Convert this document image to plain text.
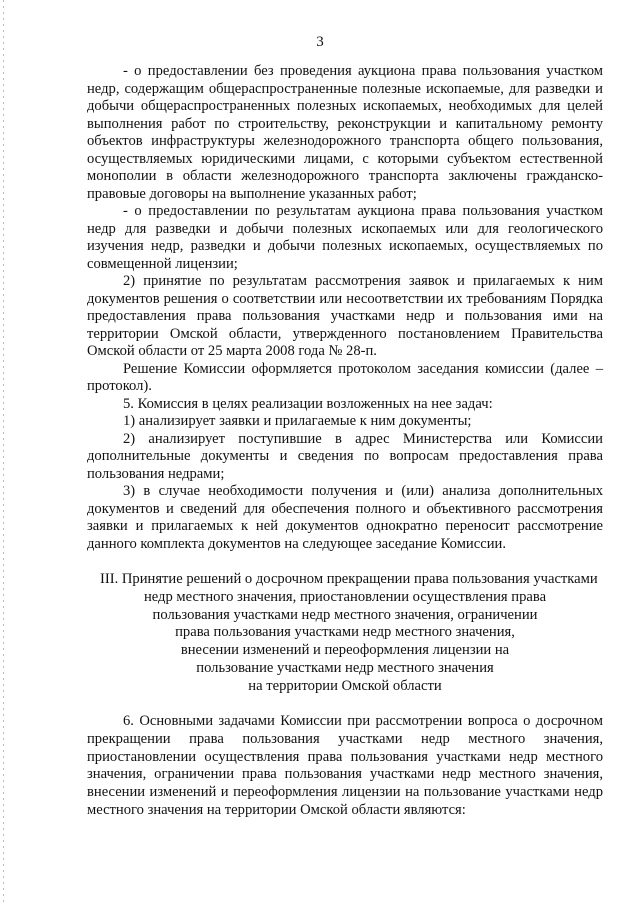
3

- о предоставлении без проведения аукциона права пользования участком недр, содержащим общераспространенные полезные ископаемые, для разведки и добычи общераспространенных полезных ископаемых, необходимых для целей выполнения работ по строительству, реконструкции и капитальному ремонту объектов инфраструктуры железнодорожного транспорта общего пользования, осуществляемых юридическими лицами, с которыми субъектом естественной монополии в области железнодорожного транспорта заключены гражданско-правовые договоры на выполнение указанных работ;

- о предоставлении по результатам аукциона права пользования участком недр для разведки и добычи полезных ископаемых или для геологического изучения недр, разведки и добычи полезных ископаемых, осуществляемых по совмещенной лицензии;

2) принятие по результатам рассмотрения заявок и прилагаемых к ним документов решения о соответствии или несоответствии их требованиям Порядка предоставления права пользования участками недр и пользования ими на территории Омской области, утвержденного постановлением Правительства Омской области от 25 марта 2008 года № 28-п.

Решение Комиссии оформляется протоколом заседания комиссии (далее – протокол).

5. Комиссия в целях реализации возложенных на нее задач:

1) анализирует заявки и прилагаемые к ним документы;

2) анализирует поступившие в адрес Министерства или Комиссии дополнительные документы и сведения по вопросам предоставления права пользования недрами;

3) в случае необходимости получения и (или) анализа дополнительных документов и сведений для обеспечения полного и объективного рассмотрения заявки и прилагаемых к ней документов однократно переносит рассмотрение данного комплекта документов на следующее заседание Комиссии.

III. Принятие решений о досрочном прекращении права пользования участками
недр местного значения, приостановлении осуществления права
пользования участками недр местного значения, ограничении
права пользования участками недр местного значения,
внесении изменений и переоформления лицензии на
пользование участками недр местного значения
на территории Омской области

6. Основными задачами Комиссии при рассмотрении вопроса о досрочном прекращении права пользования участками недр местного значения, приостановлении осуществления права пользования участками недр местного значения, ограничении права пользования участками недр местного значения, внесении изменений и переоформления лицензии на пользование участками недр местного значения на территории Омской области являются:
